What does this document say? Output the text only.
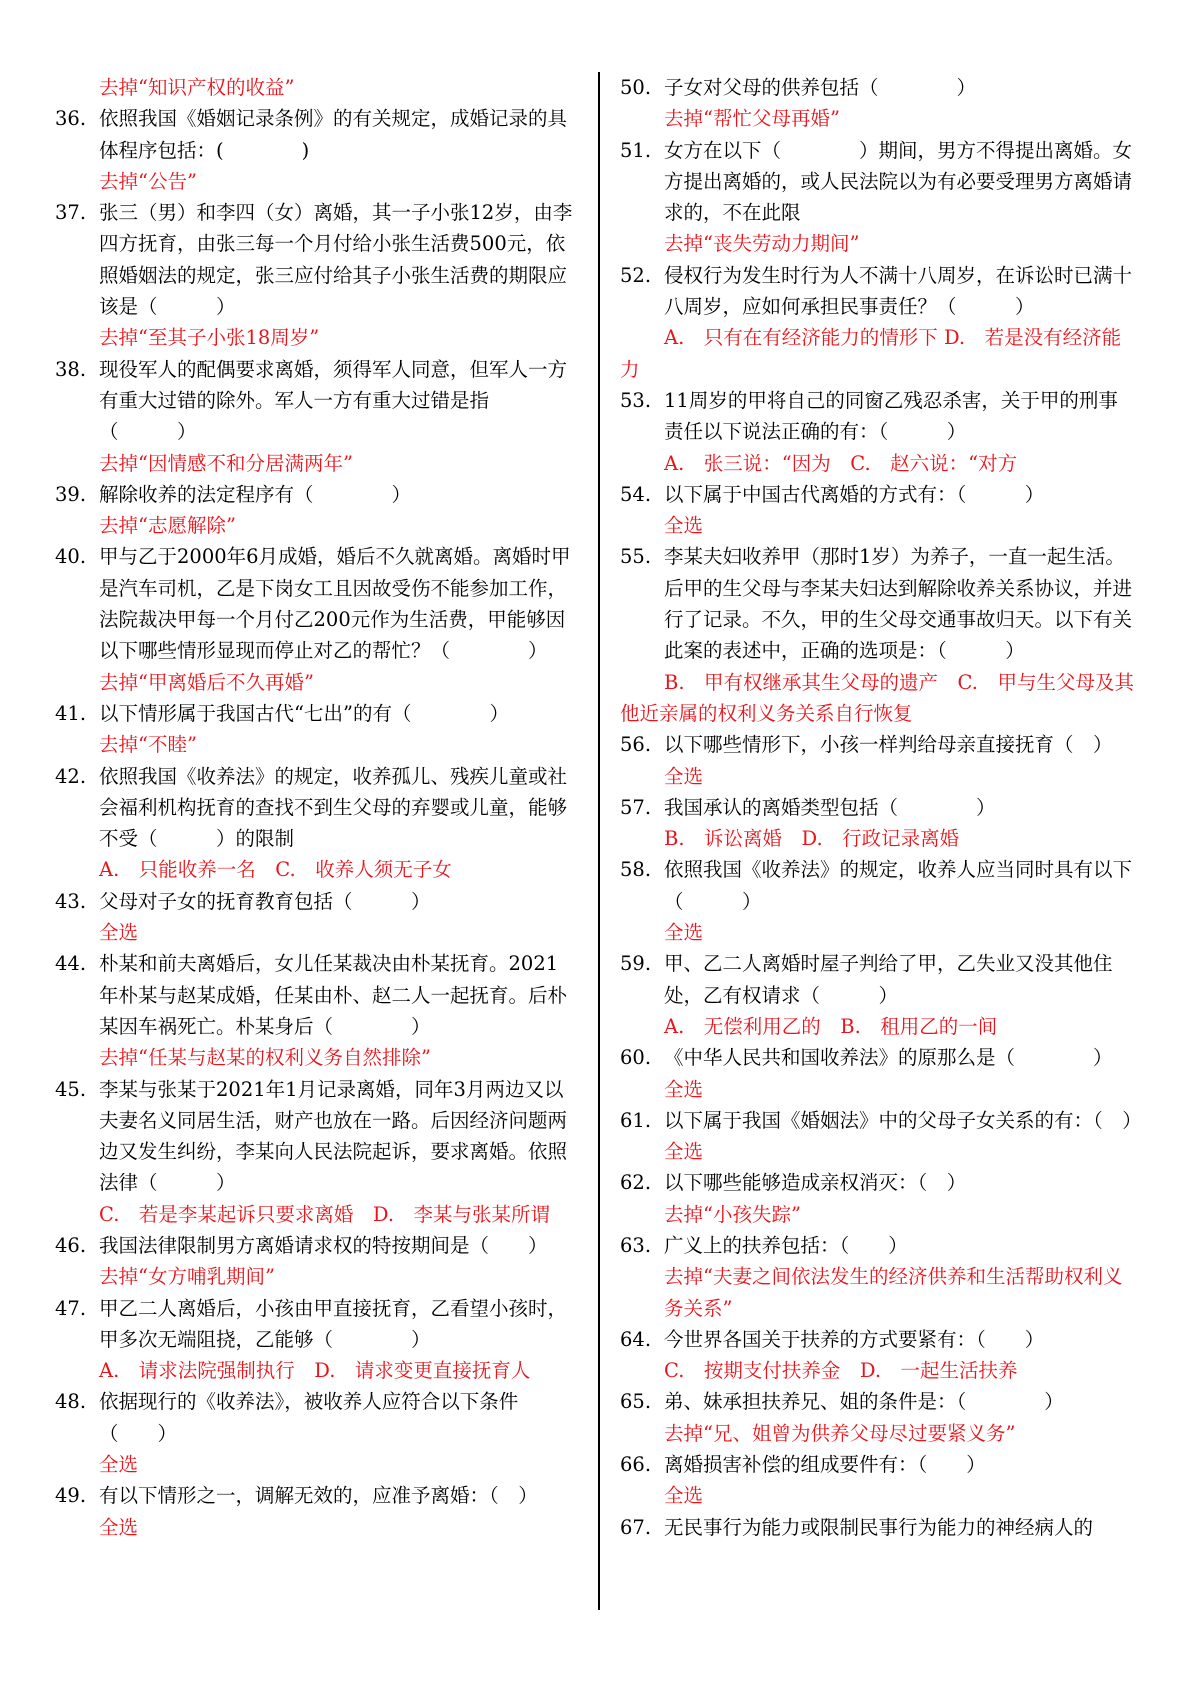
去掉“知识产权的收益”
36. 依照我国《婚姻记录条例》的有关规定，成婚记录的具体程序包括：(　　　　)
去掉“公告”
37. 张三（男）和李四（女）离婚，其一子小张12岁，由李四方抚育，由张三每一个月付给小张生活费500元，依照婚姻法的规定，张三应付给其子小张生活费的期限应该是（　　　）
去掉“至其子小张18周岁”
38. 现役军人的配偶要求离婚，须得军人同意，但军人一方有重大过错的除外。军人一方有重大过错是指（　　　）
去掉“因情感不和分居满两年”
39. 解除收养的法定程序有（　　　　）
去掉“志愿解除”
40. 甲与乙于2000年6月成婚，婚后不久就离婚。离婚时甲是汽车司机，乙是下岗女工且因故受伤不能参加工作，法院裁决甲每一个月付乙200元作为生活费，甲能够因以下哪些情形显现而停止对乙的帮忙？（　　　　）
去掉“甲离婚后不久再婚”
41. 以下情形属于我国古代“七出”的有（　　　　）
去掉“不睦”
42. 依照我国《收养法》的规定，收养孤儿、残疾儿童或社会福利机构抚育的查找不到生父母的弃婴或儿童，能够不受（　　　）的限制
A.　只能收养一名　C.　收养人须无子女
43. 父母对子女的抚育教育包括（　　　）
全选
44. 朴某和前夫离婚后，女儿任某裁决由朴某抚育。2021年朴某与赵某成婚，任某由朴、赵二人一起抚育。后朴某因车祸死亡。朴某身后（　　　　）
去掉“任某与赵某的权利义务自然排除”
45. 李某与张某于2021年1月记录离婚，同年3月两边又以夫妻名义同居生活，财产也放在一路。后因经济问题两边又发生纠纷，李某向人民法院起诉，要求离婚。依照法律（　　　）
C.　若是李某起诉只要求离婚　D.　李某与张某所谓
46. 我国法律限制男方离婚请求权的特按期间是（　　）
去掉“女方哺乳期间”
47. 甲乙二人离婚后，小孩由甲直接抚育，乙看望小孩时，甲多次无端阻挠，乙能够（　　　　）
A.　请求法院强制执行　D.　请求变更直接抚育人
48. 依据现行的《收养法》，被收养人应符合以下条件（　　）
全选
49. 有以下情形之一，调解无效的，应准予离婚：（　）
全选
50. 子女对父母的供养包括（　　　　）
去掉“帮忙父母再婚”
51. 女方在以下（　　　　）期间，男方不得提出离婚。女方提出离婚的，或人民法院以为有必要受理男方离婚请求的，不在此限
去掉“丧失劳动力期间”
52. 侵权行为发生时行为人不满十八周岁，在诉讼时已满十八周岁，应如何承担民事责任？（　　　）
A.　只有在有经济能力的情形下 D.　若是没有经济能力
53. 11周岁的甲将自己的同窗乙残忍杀害，关于甲的刑事责任以下说法正确的有：（　　　）
A.　张三说：“因为　C.　赵六说：“对方
54. 以下属于中国古代离婚的方式有：（　　　）
全选
55. 李某夫妇收养甲（那时1岁）为养子，一直一起生活。后甲的生父母与李某夫妇达到解除收养关系协议，并进行了记录。不久，甲的生父母交通事故归天。以下有关此案的表述中，正确的选项是：（　　　）
B.　甲有权继承其生父母的遗产　C.　甲与生父母及其他近亲属的权利义务关系自行恢复
56. 以下哪些情形下，小孩一样判给母亲直接抚育（　）
全选
57. 我国承认的离婚类型包括（　　　　）
B.　诉讼离婚　D.　行政记录离婚
58. 依照我国《收养法》的规定，收养人应当同时具有以下（　　　）
全选
59. 甲、乙二人离婚时屋子判给了甲，乙失业又没其他住处，乙有权请求（　　　）
A.　无偿利用乙的　B.　租用乙的一间
60. 《中华人民共和国收养法》的原那么是（　　　　）
全选
61. 以下属于我国《婚姻法》中的父母子女关系的有：（　）
全选
62. 以下哪些能够造成亲权消灭：（　）
去掉“小孩失踪”
63. 广义上的扶养包括：（　　）
去掉“夫妻之间依法发生的经济供养和生活帮助权利义务关系”
64. 今世界各国关于扶养的方式要紧有：（　　）
C.　按期支付扶养金　D.　一起生活扶养
65. 弟、妹承担扶养兄、姐的条件是：（　　　　）
去掉“兄、姐曾为供养父母尽过要紧义务”
66. 离婚损害补偿的组成要件有：（　　）
全选
67. 无民事行为能力或限制民事行为能力的神经病人的
